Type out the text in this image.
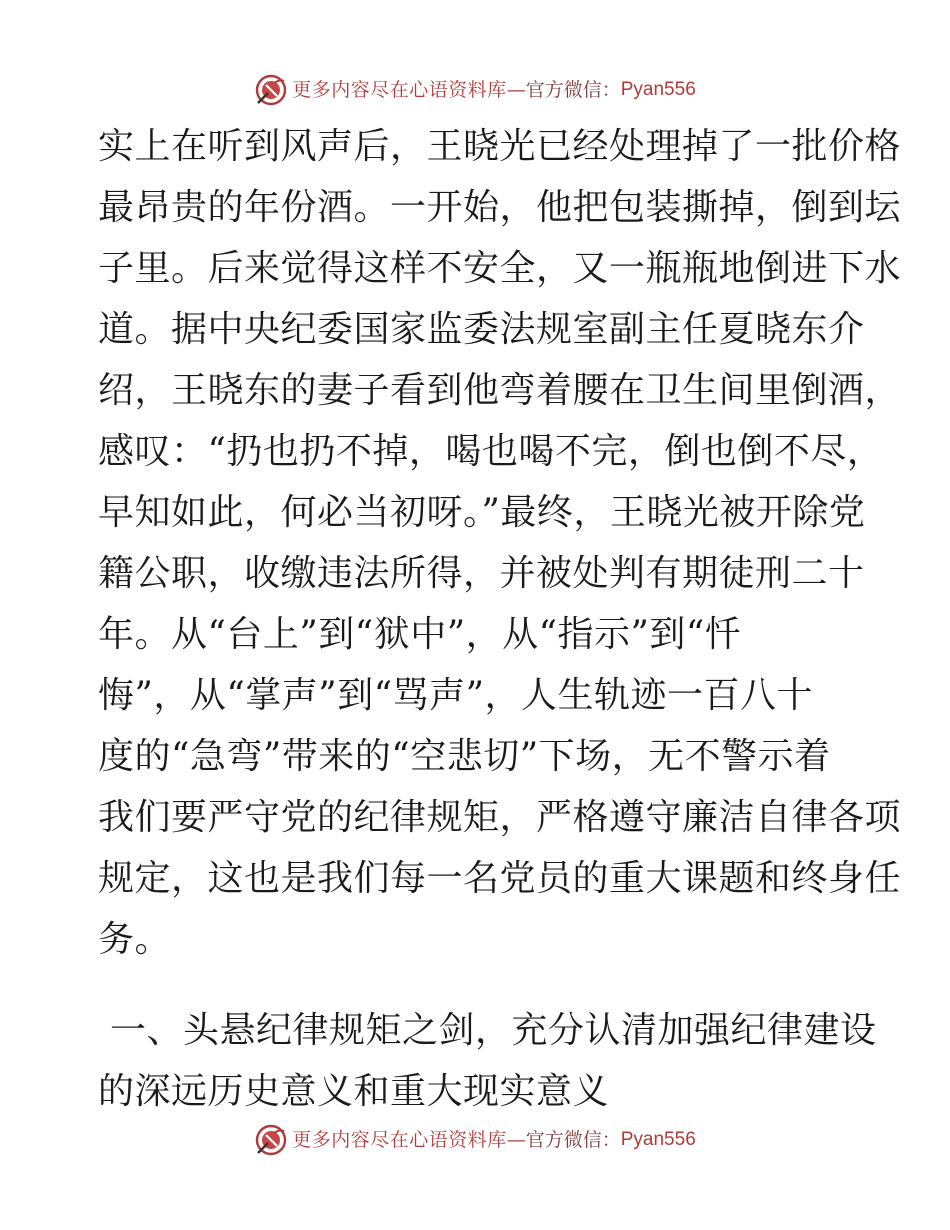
更多内容尽在心语资料库 — 官方微信： Pyan556
实上在听到风声后，王晓光已经处理掉了一批价格
最昂贵的年份酒。一开始，他把包装撕掉，倒到坛
子里。后来觉得这样不安全，又一瓶瓶地倒进下水
道。据中央纪委国家监委法规室副主任夏晓东介
绍，王晓东的妻子看到他弯着腰在卫生间里倒酒，
感叹：“扔也扔不掉，喝也喝不完，倒也倒不尽，
早知如此，何必当初呀。”最终，王晓光被开除党
籍公职，收缴违法所得，并被处判有期徒刑二十
年。从“台上”到“狱中”，从“指示”到“忏
悔”，从“掌声”到“骂声”，人生轨迹一百八十
度的“急弯”带来的“空悲切”下场，无不警示着
我们要严守党的纪律规矩，严格遵守廉洁自律各项
规定，这也是我们每一名党员的重大课题和终身任
务。
一、头悬纪律规矩之剑，充分认清加强纪律建设
的深远历史意义和重大现实意义
更多内容尽在心语资料库 — 官方微信： Pyan556
